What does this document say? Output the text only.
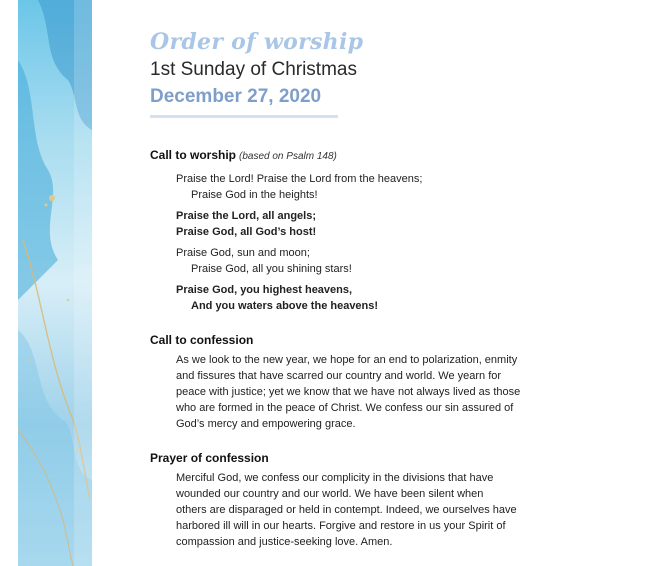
Order of worship
1st Sunday of Christmas
December 27, 2020
Call to worship (based on Psalm 148)
Praise the Lord! Praise the Lord from the heavens;
Praise God in the heights!
Praise the Lord, all angels;
Praise God, all God’s host!
Praise God, sun and moon;
Praise God, all you shining stars!
Praise God, you highest heavens,
And you waters above the heavens!
Call to confession
As we look to the new year, we hope for an end to polarization, enmity
and fissures that have scarred our country and world. We yearn for
peace with justice; yet we know that we have not always lived as those
who are formed in the peace of Christ. We confess our sin assured of
God’s mercy and empowering grace.
Prayer of confession
Merciful God, we confess our complicity in the divisions that have
wounded our country and our world. We have been silent when
others are disparaged or held in contempt. Indeed, we ourselves have
harbored ill will in our hearts. Forgive and restore in us your Spirit of
compassion and justice-seeking love. Amen.
